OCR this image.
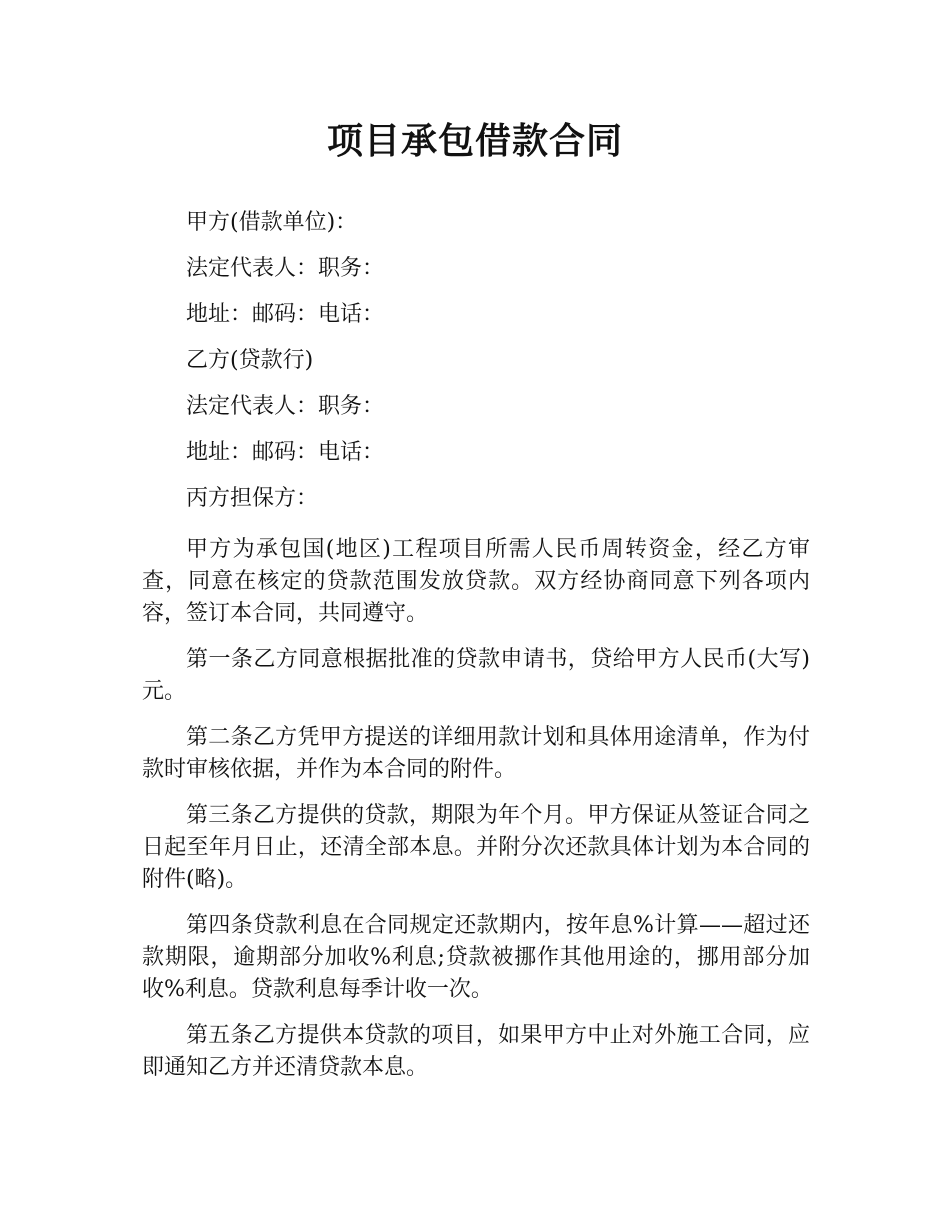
项目承包借款合同

甲方(借款单位)：

法定代表人：职务：

地址：邮码：电话：

乙方(贷款行)

法定代表人：职务：

地址：邮码：电话：

丙方担保方：

甲方为承包国(地区)工程项目所需人民币周转资金，经乙方审查，同意在核定的贷款范围发放贷款。双方经协商同意下列各项内容，签订本合同，共同遵守。

第一条乙方同意根据批准的贷款申请书，贷给甲方人民币(大写)元。

第二条乙方凭甲方提送的详细用款计划和具体用途清单，作为付款时审核依据，并作为本合同的附件。

第三条乙方提供的贷款，期限为年个月。甲方保证从签证合同之日起至年月日止，还清全部本息。并附分次还款具体计划为本合同的附件(略)。

第四条贷款利息在合同规定还款期内，按年息%计算——超过还款期限，逾期部分加收%利息;贷款被挪作其他用途的，挪用部分加收%利息。贷款利息每季计收一次。

第五条乙方提供本贷款的项目，如果甲方中止对外施工合同，应即通知乙方并还清贷款本息。
